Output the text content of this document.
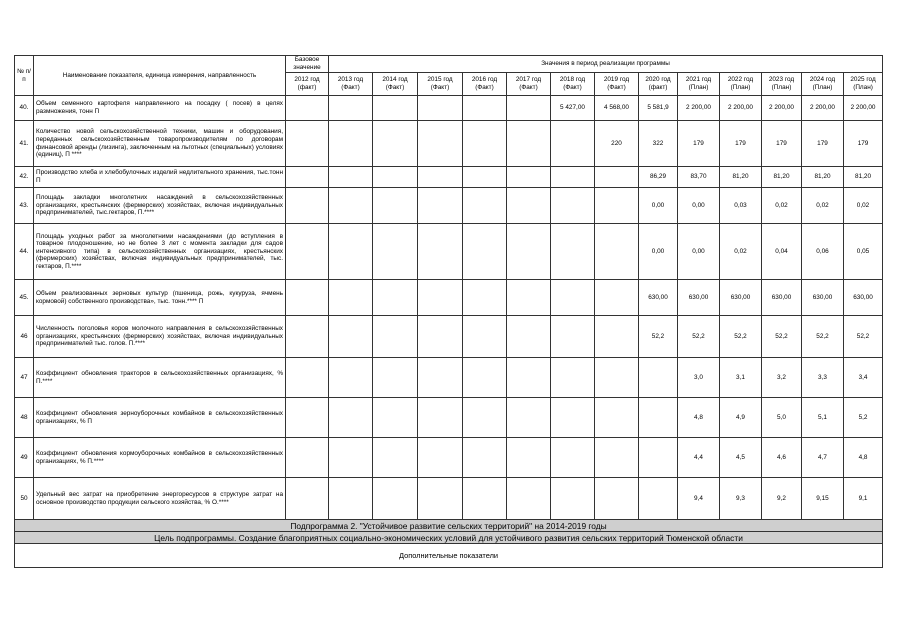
№ п/п	Наименование показателя, единица измерения, направленность	Базовое значение	Значения в период реализации программы												
		2012 год (факт)	2013 год (Факт)	2014 год (Факт)	2015 год (Факт)	2016 год (Факт)	2017 год (Факт)	2018 год (Факт)	2019 год (Факт)	2020 год (факт)	2021 год (План)	2022 год (План)	2023 год (План)	2024 год (План)	2025 год (План)
40.	Объем семенного картофеля направленного на посадку ( посев) в целях размножения, тонн П							5 427,00	4 568,00	5 581,9	2 200,00	2 200,00	2 200,00	2 200,00	2 200,00
41.	Количество новой сельскохозяйственной техники, машин и оборудования, переданных сельскохозяйственным товаропроизводителям по договорам финансовой аренды (лизинга), заключенным на льготных (специальных) условиях (единиц), П ****								220	322	179	179	179	179	179
42.	Производство хлеба и хлебобулочных изделий недлительного хранения, тыс.тонн П									86,29	83,70	81,20	81,20	81,20	81,20
43.	Площадь закладки многолетних насаждений в сельскохозяйственных организациях, крестьянских (фермерских) хозяйствах, включая индивидуальных предпринимателей, тыс.гектаров, П.****									0,00	0,00	0,03	0,02	0,02	0,02
44.	Площадь уходных работ за многолетними насаждениями (до вступления в товарное плодоношение, но не более 3 лет с момента закладки для садов интенсивного типа) в сельскохозяйственных организациях, крестьянских (фермерских) хозяйствах, включая индивидуальных предпринимателей, тыс. гектаров, П.****									0,00	0,00	0,02	0,04	0,06	0,05
45.	Объем реализованных зерновых культур (пшеница, рожь, кукуруза, ячмень кормовой) собственного производства», тыс. тонн.**** П									630,00	630,00	630,00	630,00	630,00	630,00
46	Численность поголовья коров молочного направления в сельскохозяйственных организациях, крестьянских (фермерских) хозяйствах, включая индивидуальных предпринимателей тыс. голов. П.****									52,2	52,2	52,2	52,2	52,2	52,2
47	Коэффициент обновления тракторов в сельскохозяйственных организациях, % П.****										3,0	3,1	3,2	3,3	3,4
48	Коэффициент обновления зерноуборочных комбайнов в сельскохозяйственных организациях, % П										4,8	4,9	5,0	5,1	5,2
49	Коэффициент обновления кормоуборочных комбайнов в сельскохозяйственных организациях, % П.****										4,4	4,5	4,6	4,7	4,8
50	Удельный вес затрат на приобретение энергоресурсов в структуре затрат на основное производство продукции сельского хозяйства, % О.****										9,4	9,3	9,2	9,15	9,1
Подпрограмма 2. "Устойчивое развитие сельских территорий" на 2014-2019 годы															
Цель подпрограммы. Создание благоприятных социально-экономических условий для устойчивого развития сельских территорий Тюменской области															
Дополнительные показатели															
